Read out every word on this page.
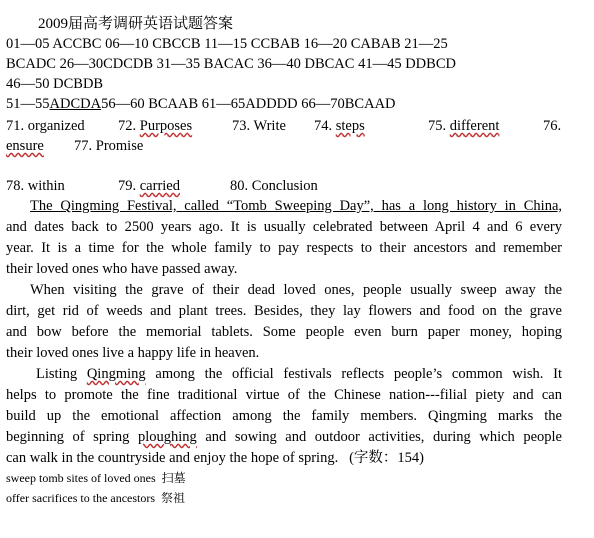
2009届高考调研英语试题答案
01—05 ACCBC 06—10 CBCCB 11—15 CCBAB 16—20 CABAB 21—25
BCADC 26—30CDCDB 31—35 BACAC 36—40 DBCAC 41—45 DDBCD
46—50 DCBDB
51—55ADCDA56—60 BCAAB 61—65ADDDD 66—70BCAAD
71. organized 72. Purposes	73. Write 74. steps	75. different	76.
ensure 77. Promise
78. within	79. carried	80. Conclusion
The Qingming Festival, called “Tomb Sweeping Day”, has a long history in China,
and dates back to 2500 years ago. It is usually celebrated between April 4 and 6 every
year. It is a time for the whole family to pay respects to their ancestors and remember
their loved ones who have passed away.
When visiting the grave of their dead loved ones, people usually sweep away the
dirt, get rid of weeds and plant trees. Besides, they lay flowers and food on the grave
and bow before the memorial tablets. Some people even burn paper money, hoping
their loved ones live a happy life in heaven.
Listing Qingming among the official festivals reflects people’s common wish. It
helps to promote the fine traditional virtue of the Chinese nation---filial piety and can
build up the emotional affection among the family members. Qingming marks the
beginning of spring ploughing and sowing and outdoor activities, during which people
can walk in the countryside and enjoy the hope of spring. (字数：154)
sweep tomb sites of loved ones 扫墓
offer sacrifices to the ancestors 祭祖
